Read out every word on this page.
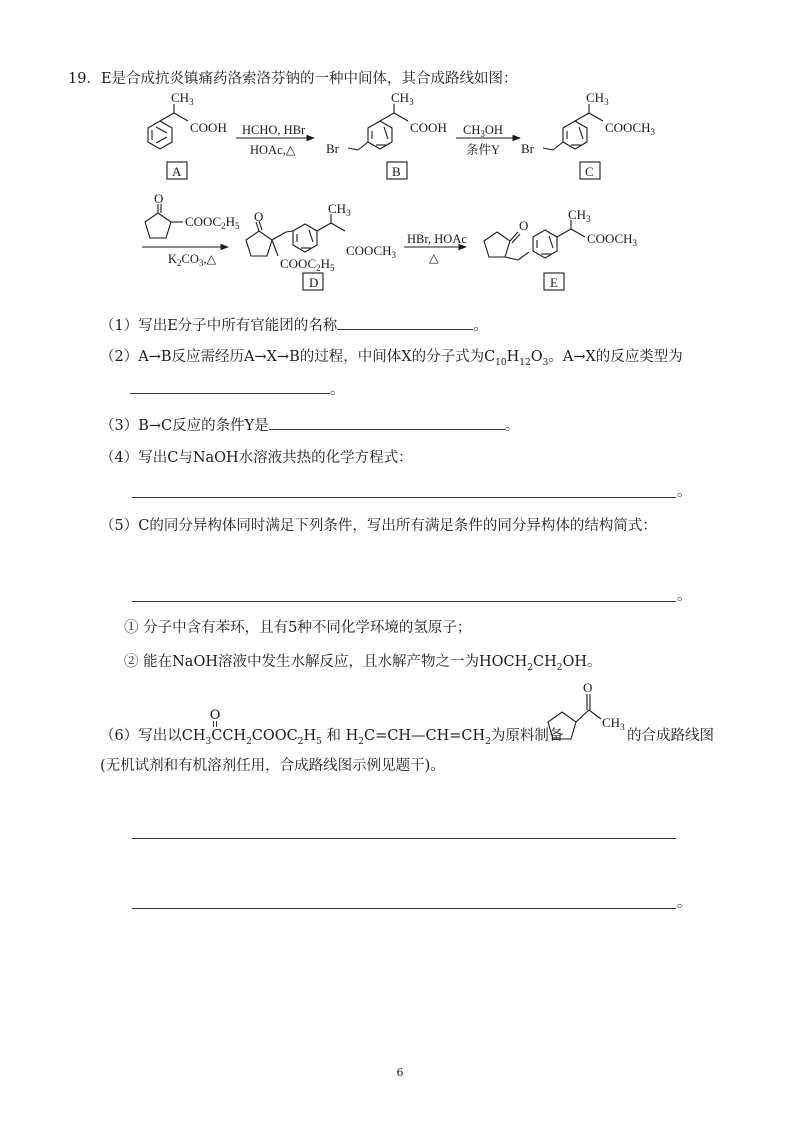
19．E是合成抗炎镇痛药洛索洛芬钠的一种中间体，其合成路线如图：
$CH_3$
COOH
A
HCHO, HBr
HOAc,△
$CH_3$
COOH
Br
B
$CH_3OH$
条件Y
$CH_3$
$COOCH_3$
Br
C
O
$COOC_2H_5$
$K_2CO_3,\triangle$
O
$CH_3$
$COOCH_3$
$COOC_2H_5$
D
HBr, HOAc
△
O
$CH_3$
$COOCH_3$
E
（1）写出E分子中所有官能团的名称	。
（2）A→B反应需经历A→X→B的过程，中间体X的分子式为$C_{10}H_{12}O_3$。A→X的反应类型为
。
（3）B→C反应的条件Y是	。
（4）写出C与NaOH水溶液共热的化学方程式：
。
（5）C的同分异构体同时满足下列条件，写出所有满足条件的同分异构体的结构简式：
。
① 分子中含有苯环，且有5种不同化学环境的氢原子；
② 能在NaOH溶液中发生水解反应，且水解产物之一为$HOCH_2CH_2OH$。
（6）写出以
O
$CH_3CCH_2COOC_2H_5$ 和 $H_2C=CH—CH=CH_2$为原料制备
O
$CH_3$
的合成路线图
(无机试剂和有机溶剂任用，合成路线图示例见题干)。
。
6
